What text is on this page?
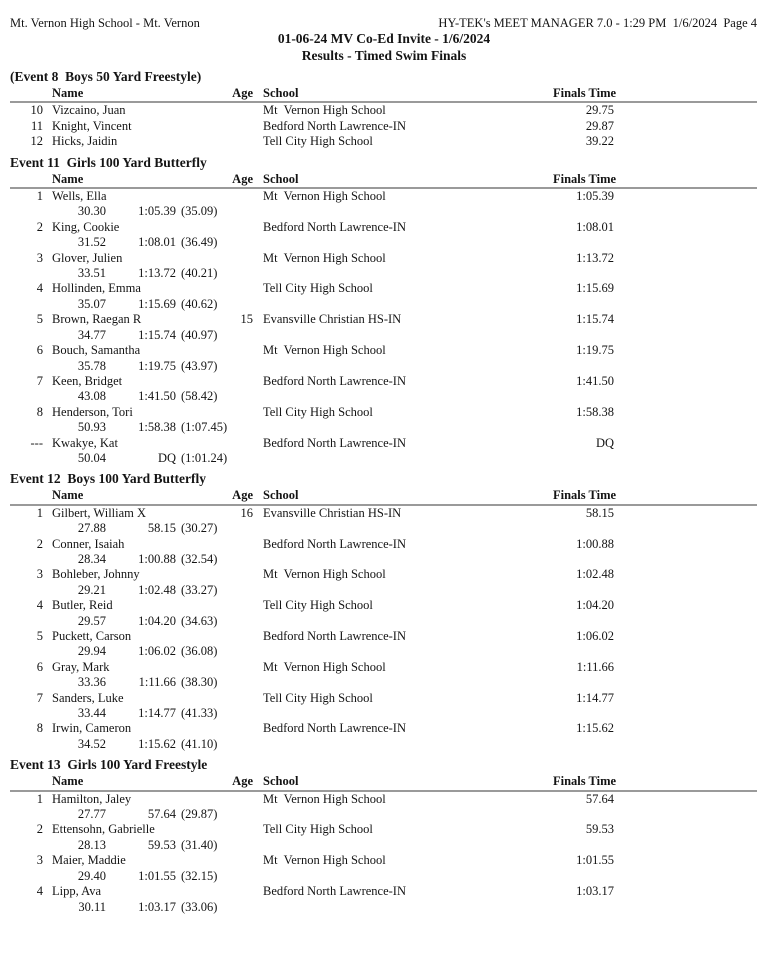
Mt. Vernon High School - Mt. Vernon	HY-TEK's MEET MANAGER 7.0 - 1:29 PM  1/6/2024  Page 4
01-06-24 MV Co-Ed Invite - 1/6/2024
Results - Timed Swim Finals
(Event 8  Boys 50 Yard Freestyle)
Name	Age School	Finals Time
10 Vizcaino, Juan	Mt  Vernon High School	29.75
11 Knight, Vincent	Bedford North Lawrence-IN	29.87
12 Hicks, Jaidin	Tell City High School	39.22
Event 11  Girls 100 Yard Butterfly
Name	Age School	Finals Time
1 Wells, Ella	Mt  Vernon High School	1:05.39
30.30	1:05.39 (35.09)
2 King, Cookie	Bedford North Lawrence-IN	1:08.01
31.52	1:08.01 (36.49)
3 Glover, Julien	Mt  Vernon High School	1:13.72
33.51	1:13.72 (40.21)
4 Hollinden, Emma	Tell City High School	1:15.69
35.07	1:15.69 (40.62)
5 Brown, Raegan R	15 Evansville Christian HS-IN	1:15.74
34.77	1:15.74 (40.97)
6 Bouch, Samantha	Mt  Vernon High School	1:19.75
35.78	1:19.75 (43.97)
7 Keen, Bridget	Bedford North Lawrence-IN	1:41.50
43.08	1:41.50 (58.42)
8 Henderson, Tori	Tell City High School	1:58.38
50.93	1:58.38 (1:07.45)
--- Kwakye, Kat	Bedford North Lawrence-IN	DQ
50.04	DQ (1:01.24)
Event 12  Boys 100 Yard Butterfly
Name	Age School	Finals Time
1 Gilbert, William X	16 Evansville Christian HS-IN	58.15
27.88	58.15 (30.27)
2 Conner, Isaiah	Bedford North Lawrence-IN	1:00.88
28.34	1:00.88 (32.54)
3 Bohleber, Johnny	Mt  Vernon High School	1:02.48
29.21	1:02.48 (33.27)
4 Butler, Reid	Tell City High School	1:04.20
29.57	1:04.20 (34.63)
5 Puckett, Carson	Bedford North Lawrence-IN	1:06.02
29.94	1:06.02 (36.08)
6 Gray, Mark	Mt  Vernon High School	1:11.66
33.36	1:11.66 (38.30)
7 Sanders, Luke	Tell City High School	1:14.77
33.44	1:14.77 (41.33)
8 Irwin, Cameron	Bedford North Lawrence-IN	1:15.62
34.52	1:15.62 (41.10)
Event 13  Girls 100 Yard Freestyle
Name	Age School	Finals Time
1 Hamilton, Jaley	Mt  Vernon High School	57.64
27.77	57.64 (29.87)
2 Ettensohn, Gabrielle	Tell City High School	59.53
28.13	59.53 (31.40)
3 Maier, Maddie	Mt  Vernon High School	1:01.55
29.40	1:01.55 (32.15)
4 Lipp, Ava	Bedford North Lawrence-IN	1:03.17
30.11	1:03.17 (33.06)
